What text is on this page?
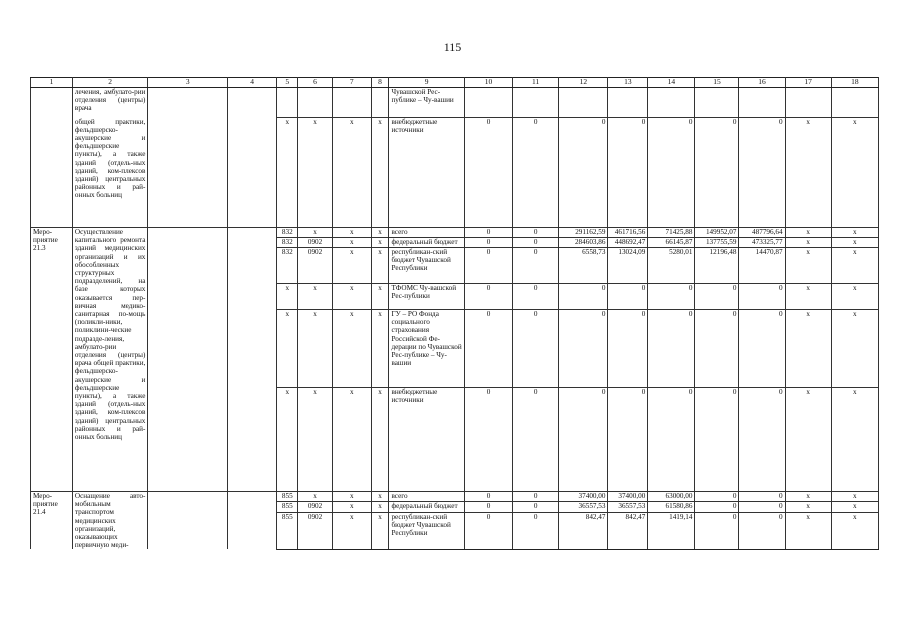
115
1	2	3	4	5	6	7	8	9	10	11	12	13	14	15	16	17	18
	лечения, амбулато-рии отделения (центры) врача							Чувашской Рес-публике – Чу-вашии									
	общей практики, фельдшерско-акушерские и фельдшерские пункты), а также зданий (отдель-ных зданий, ком-плексов зданий) центральных районных и рай-онных больниц			x	x	x	x	внебюджетные источники	0	0	0	0	0	0	0	x	x
Меро-приятие 21.3	Осуществление капитального ремонта зданий медицинских организаций и их обособленных структурных подразделений, на базе которых оказывается пер-вичная медико-санитарная по-мощь (поликли-ники, поликлини-ческие подразде-ления, амбулато-рии отделения (центры) врача общей практики, фельдшерско-акушерские и фельдшерские пункты), а также зданий (отдель-ных зданий, ком-плексов зданий) центральных районных и рай-онных больниц			832	x	x	x	всего	0	0	291162,59	461716,56	71425,88	149952,07	487796,64	x	x
				832	0902	x	x	федеральный бюджет	0	0	284603,86	448692,47	66145,87	137755,59	473325,77	x	x
				832	0902	x	x	республикан-ский бюджет Чувашской Республики	0	0	6558,73	13024,09	5280,01	12196,48	14470,87	x	x
				x	x	x	x	ТФОМС Чу-вашской Рес-публики	0	0	0	0	0	0	0	x	x
				x	x	x	x	ГУ – РО Фонда социального страхования Российской Фе-дерации по Чувашской Рес-публике – Чу-вашии	0	0	0	0	0	0	0	x	x
				x	x	x	x	внебюджетные источники	0	0	0	0	0	0	0	x	x
Меро-приятие 21.4	Оснащение авто-мобильным транспортом медицинских организаций, оказывающих первичную меди-			855	x	x	x	всего	0	0	37400,00	37400,00	63000,00	0	0	x	x
				855	0902	x	x	федеральный бюджет	0	0	36557,53	36557,53	61580,86	0	0	x	x
				855	0902	x	x	республикан-ский бюджет Чувашской Республики	0	0	842,47	842,47	1419,14	0	0	x	x
